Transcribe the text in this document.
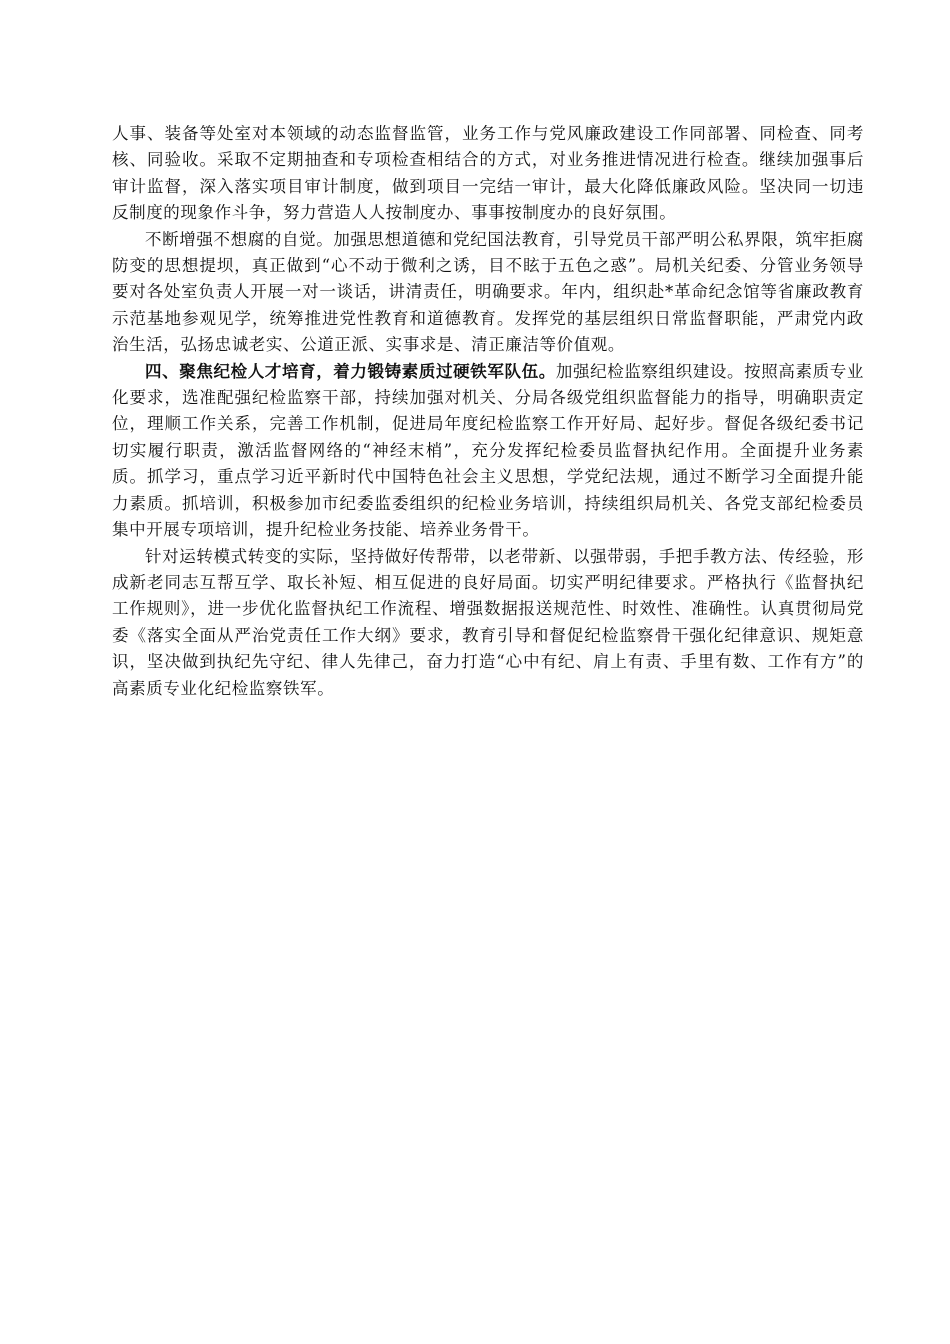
人事、装备等处室对本领域的动态监督监管，业务工作与党风廉政建设工作同部署、同检查、同考核、同验收。采取不定期抽查和专项检查相结合的方式，对业务推进情况进行检查。继续加强事后审计监督，深入落实项目审计制度，做到项目一完结一审计，最大化降低廉政风险。坚决同一切违反制度的现象作斗争，努力营造人人按制度办、事事按制度办的良好氛围。

不断增强不想腐的自觉。加强思想道德和党纪国法教育，引导党员干部严明公私界限，筑牢拒腐防变的思想提坝，真正做到“心不动于微利之诱，目不眩于五色之惑”。局机关纪委、分管业务领导要对各处室负责人开展一对一谈话，讲清责任，明确要求。年内，组织赴*革命纪念馆等省廉政教育示范基地参观见学，统筹推进党性教育和道德教育。发挥党的基层组织日常监督职能，严肃党内政治生活，弘扬忠诚老实、公道正派、实事求是、清正廉洁等价值观。

四、聚焦纪检人才培育，着力锻铸素质过硬铁军队伍。加强纪检监察组织建设。按照高素质专业化要求，选准配强纪检监察干部，持续加强对机关、分局各级党组织监督能力的指导，明确职责定位，理顺工作关系，完善工作机制，促进局年度纪检监察工作开好局、起好步。督促各级纪委书记切实履行职责，激活监督网络的“神经末梢”，充分发挥纪检委员监督执纪作用。全面提升业务素质。抓学习，重点学习近平新时代中国特色社会主义思想，学党纪法规，通过不断学习全面提升能力素质。抓培训，积极参加市纪委监委组织的纪检业务培训，持续组织局机关、各党支部纪检委员集中开展专项培训，提升纪检业务技能、培养业务骨干。

针对运转模式转变的实际，坚持做好传帮带，以老带新、以强带弱，手把手教方法、传经验，形成新老同志互帮互学、取长补短、相互促进的良好局面。切实严明纪律要求。严格执行《监督执纪工作规则》，进一步优化监督执纪工作流程、增强数据报送规范性、时效性、准确性。认真贯彻局党委《落实全面从严治党责任工作大纲》要求，教育引导和督促纪检监察骨干强化纪律意识、规矩意识，坚决做到执纪先守纪、律人先律己，奋力打造“心中有纪、肩上有责、手里有数、工作有方”的高素质专业化纪检监察铁军。
